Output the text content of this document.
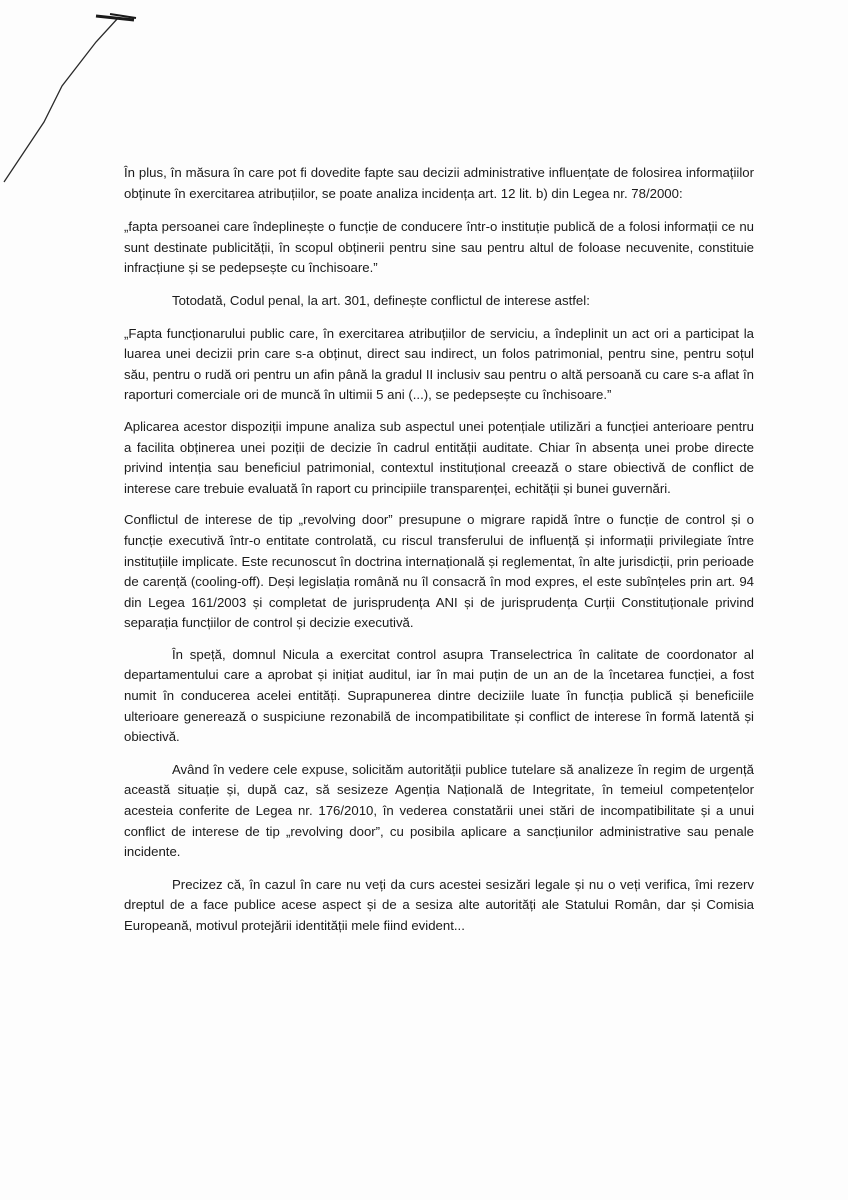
În plus, în măsura în care pot fi dovedite fapte sau decizii administrative influențate de folosirea informațiilor obținute în exercitarea atribuțiilor, se poate analiza incidența art. 12 lit. b) din Legea nr. 78/2000:

„fapta persoanei care îndeplinește o funcție de conducere într-o instituție publică de a folosi informații ce nu sunt destinate publicității, în scopul obținerii pentru sine sau pentru altul de foloase necuvenite, constituie infracțiune și se pedepsește cu închisoare.”

Totodată, Codul penal, la art. 301, definește conflictul de interese astfel:

„Fapta funcționarului public care, în exercitarea atribuțiilor de serviciu, a îndeplinit un act ori a participat la luarea unei decizii prin care s-a obținut, direct sau indirect, un folos patrimonial, pentru sine, pentru soțul său, pentru o rudă ori pentru un afin până la gradul II inclusiv sau pentru o altă persoană cu care s-a aflat în raporturi comerciale ori de muncă în ultimii 5 ani (...), se pedepsește cu închisoare.”

Aplicarea acestor dispoziții impune analiza sub aspectul unei potențiale utilizări a funcției anterioare pentru a facilita obținerea unei poziții de decizie în cadrul entității auditate. Chiar în absența unei probe directe privind intenția sau beneficiul patrimonial, contextul instituțional creează o stare obiectivă de conflict de interese care trebuie evaluată în raport cu principiile transparenței, echității și bunei guvernări.

Conflictul de interese de tip „revolving door” presupune o migrare rapidă între o funcție de control și o funcție executivă într-o entitate controlată, cu riscul transferului de influență și informații privilegiate între instituțiile implicate. Este recunoscut în doctrina internațională și reglementat, în alte jurisdicții, prin perioade de carență (cooling-off). Deși legislația română nu îl consacră în mod expres, el este subînțeles prin art. 94 din Legea 161/2003 și completat de jurisprudența ANI și de jurisprudența Curții Constituționale privind separația funcțiilor de control și decizie executivă.

În speță, domnul Nicula a exercitat control asupra Transelectrica în calitate de coordonator al departamentului care a aprobat și inițiat auditul, iar în mai puțin de un an de la încetarea funcției, a fost numit în conducerea acelei entități. Suprapunerea dintre deciziile luate în funcția publică și beneficiile ulterioare generează o suspiciune rezonabilă de incompatibilitate și conflict de interese în formă latentă și obiectivă.

Având în vedere cele expuse, solicităm autorității publice tutelare să analizeze în regim de urgență această situație și, după caz, să sesizeze Agenția Națională de Integritate, în temeiul competențelor acesteia conferite de Legea nr. 176/2010, în vederea constatării unei stări de incompatibilitate și a unui conflict de interese de tip „revolving door”, cu posibila aplicare a sancțiunilor administrative sau penale incidente.

Precizez că, în cazul în care nu veți da curs acestei sesizări legale și nu o veți verifica, îmi rezerv dreptul de a face publice acese aspect și de a sesiza alte autorități ale Statului Român, dar și Comisia Europeană, motivul protejării identității mele fiind evident...
